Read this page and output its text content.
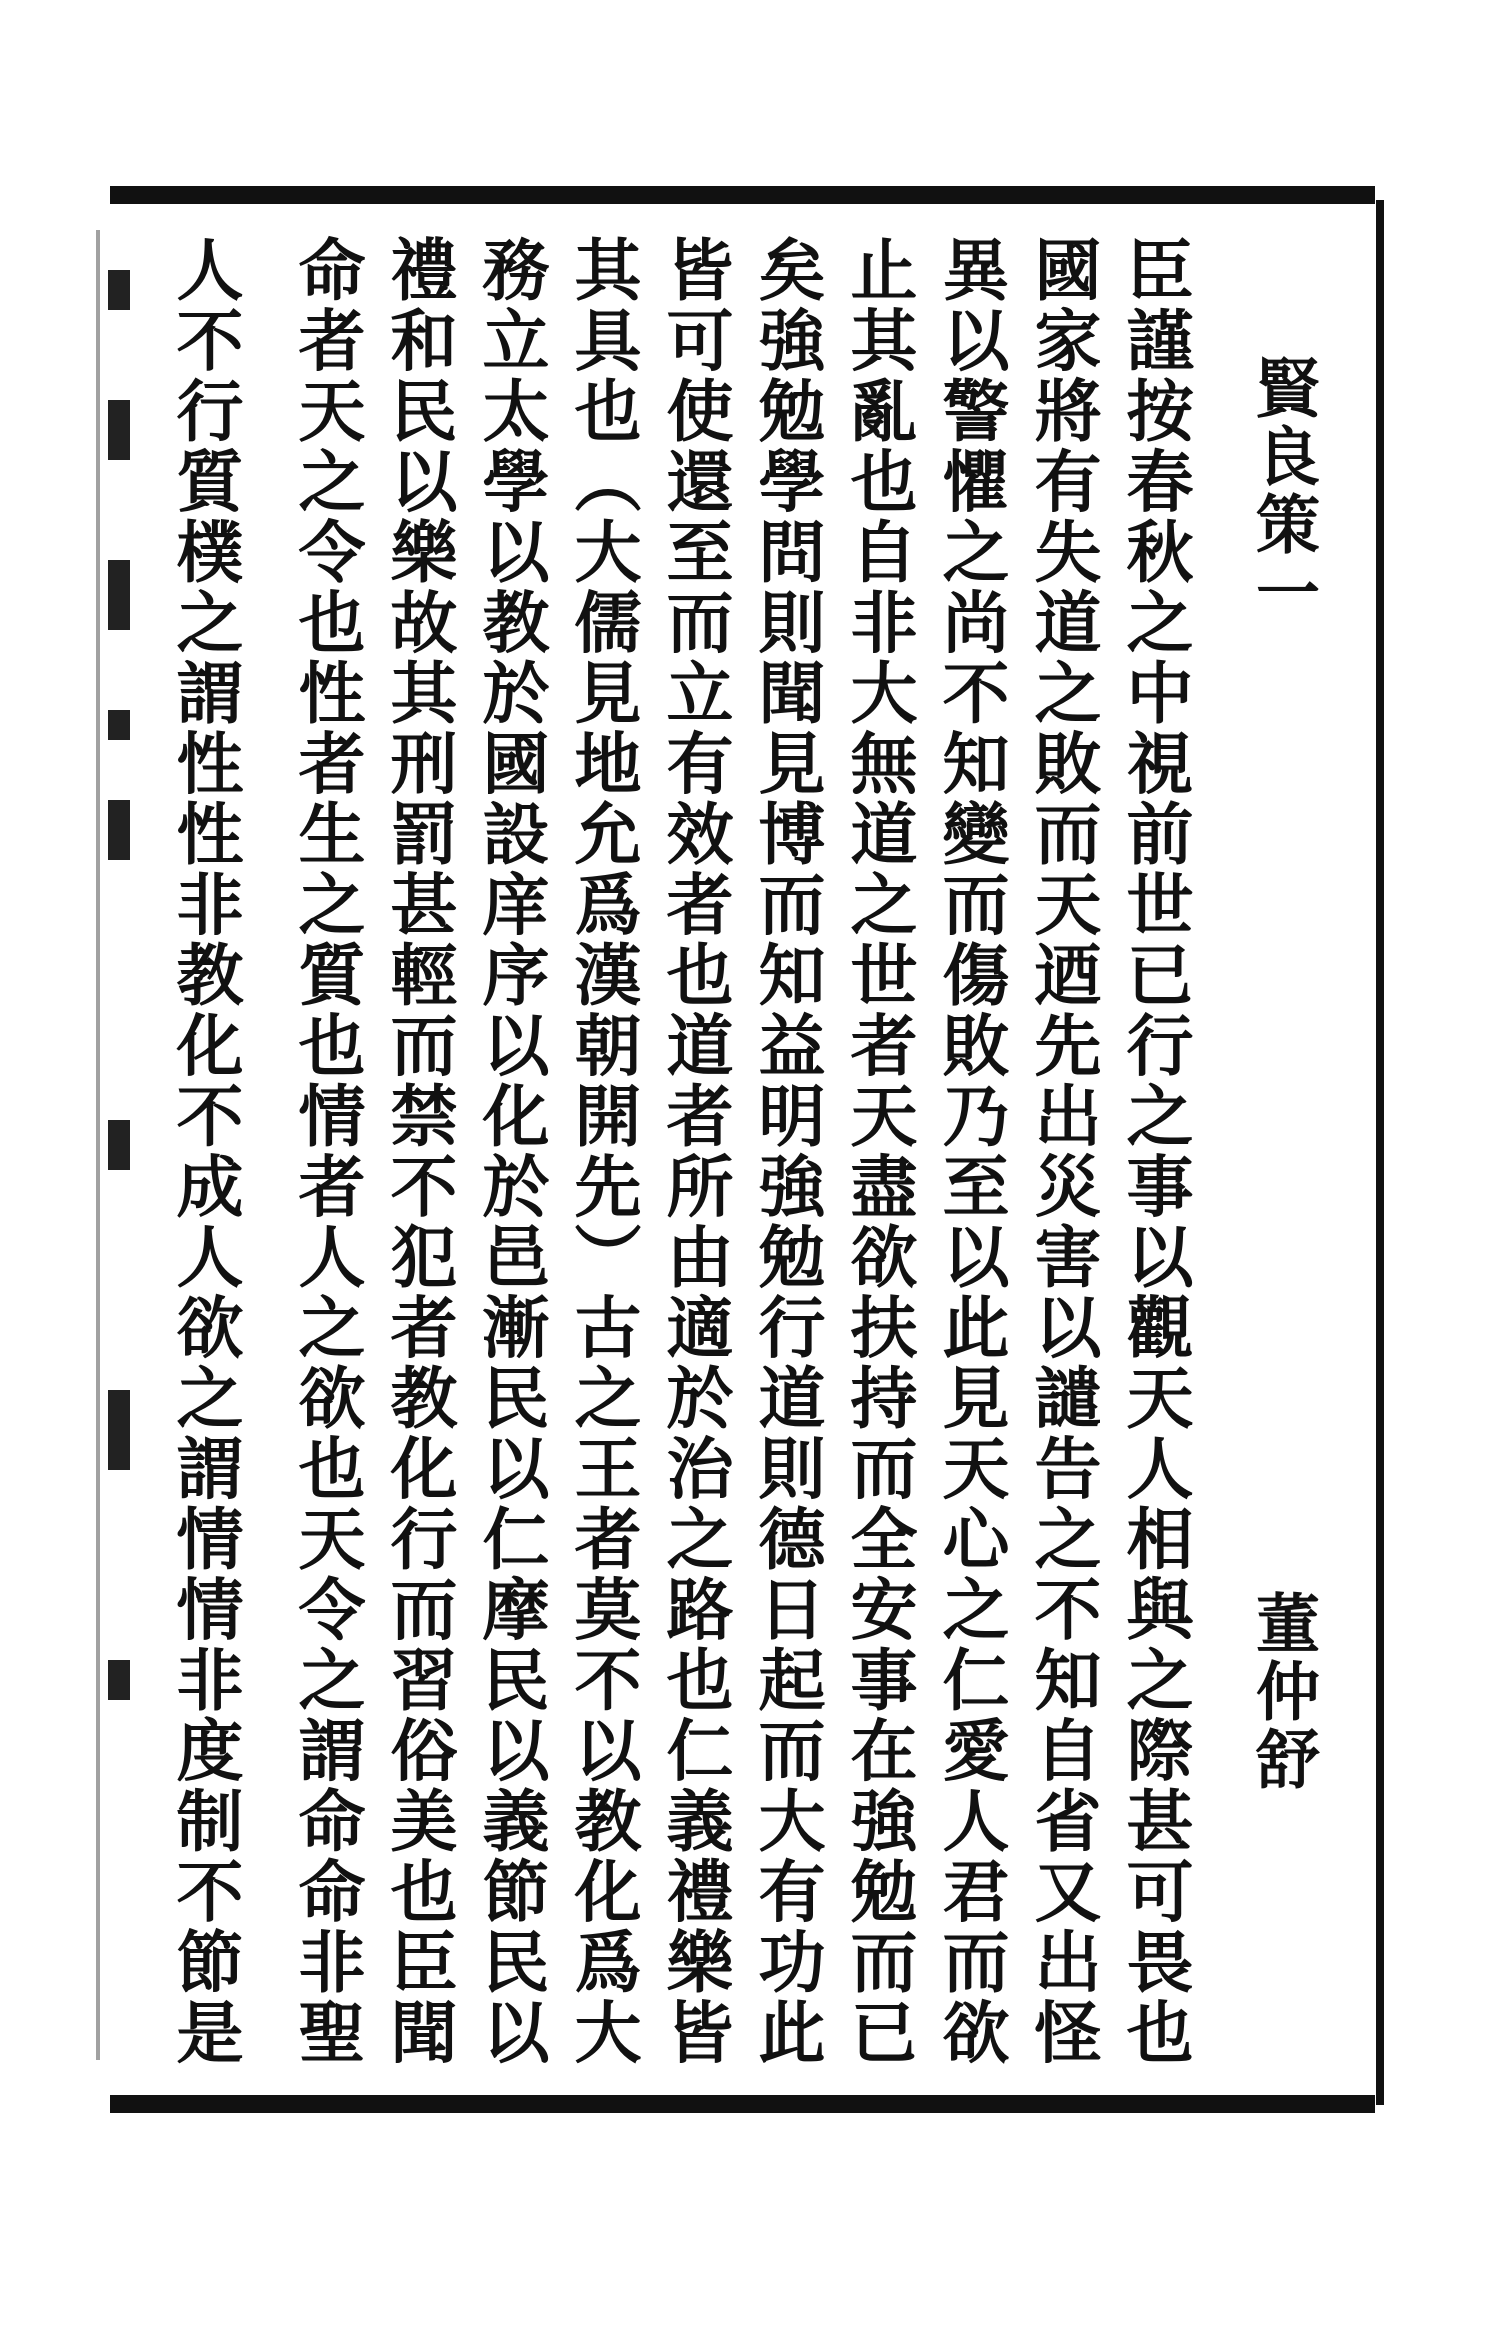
賢良策一
董仲舒
臣謹按春秋之中視前世已行之事以觀天人相與之際甚可畏也
國家將有失道之敗而天迺先出災害以譴告之不知自省又出怪
異以警懼之尚不知變而傷敗乃至以此見天心之仁愛人君而欲
止其亂也自非大無道之世者天盡欲扶持而全安事在強勉而已
矣強勉學問則聞見博而知益明強勉行道則德日起而大有功此
皆可使還至而立有效者也道者所由適於治之路也仁義禮樂皆
其具也（大儒見地允爲漢朝開先）古之王者莫不以教化爲大
務立太學以教於國設庠序以化於邑漸民以仁摩民以義節民以
禮和民以樂故其刑罰甚輕而禁不犯者教化行而習俗美也臣聞
命者天之令也性者生之質也情者人之欲也天令之謂命命非聖
人不行質樸之謂性性非教化不成人欲之謂情情非度制不節是
